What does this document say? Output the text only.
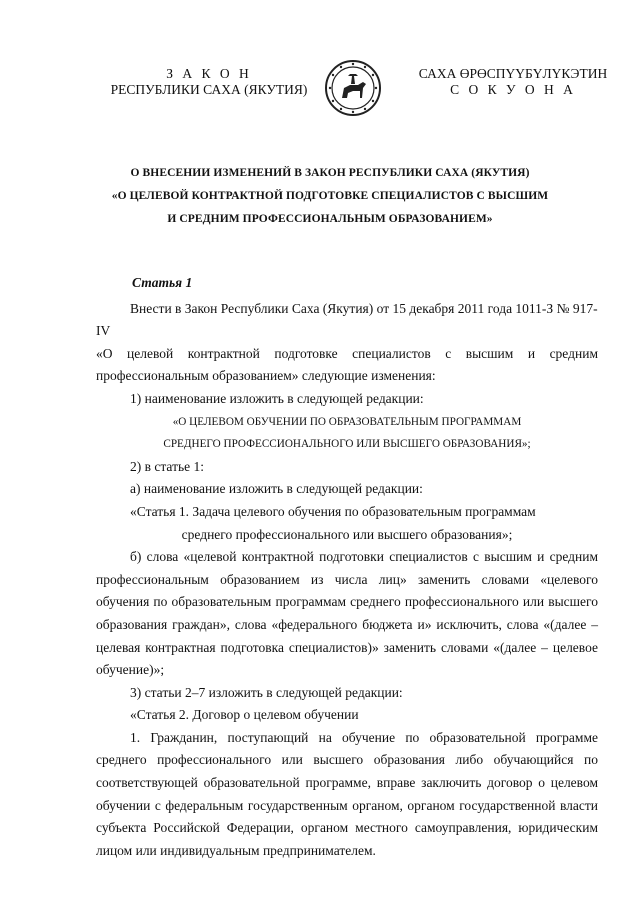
З А К О Н
РЕСПУБЛИКИ САХА (ЯКУТИЯ)
САХА ӨРӨСПҮҮБҮЛҮКЭТИН
С О К У О Н А
О ВНЕСЕНИИ ИЗМЕНЕНИЙ В ЗАКОН РЕСПУБЛИКИ САХА (ЯКУТИЯ)
«О ЦЕЛЕВОЙ КОНТРАКТНОЙ ПОДГОТОВКЕ СПЕЦИАЛИСТОВ С ВЫСШИМ
И СРЕДНИМ ПРОФЕССИОНАЛЬНЫМ ОБРАЗОВАНИЕМ»

Статья 1

Внести в Закон Республики Саха (Якутия) от 15 декабря 2011 года 1011-З № 917-IV

«О целевой контрактной подготовке специалистов с высшим и средним

профессиональным образованием» следующие изменения:

1) наименование изложить в следующей редакции:

«О ЦЕЛЕВОМ ОБУЧЕНИИ ПО ОБРАЗОВАТЕЛЬНЫМ ПРОГРАММАМ

СРЕДНЕГО ПРОФЕССИОНАЛЬНОГО ИЛИ ВЫСШЕГО ОБРАЗОВАНИЯ»;

2) в статье 1:

а) наименование изложить в следующей редакции:

«Статья 1. Задача целевого обучения по образовательным программам

среднего профессионального или высшего образования»;

б) слова «целевой контрактной подготовки специалистов с высшим и средним профессиональным образованием из числа лиц» заменить словами «целевого обучения по образовательным программам среднего профессионального или высшего образования граждан», слова «федерального бюджета и» исключить, слова «(далее – целевая контрактная подготовка специалистов)» заменить словами «(далее – целевое обучение)»;

3) статьи 2–7 изложить в следующей редакции:

«Статья 2. Договор о целевом обучении

1. Гражданин, поступающий на обучение по образовательной программе среднего профессионального или высшего образования либо обучающийся по соответствующей образовательной программе, вправе заключить договор о целевом обучении с федеральным государственным органом, органом государственной власти субъекта Российской Федерации, органом местного самоуправления, юридическим лицом или индивидуальным предпринимателем.
